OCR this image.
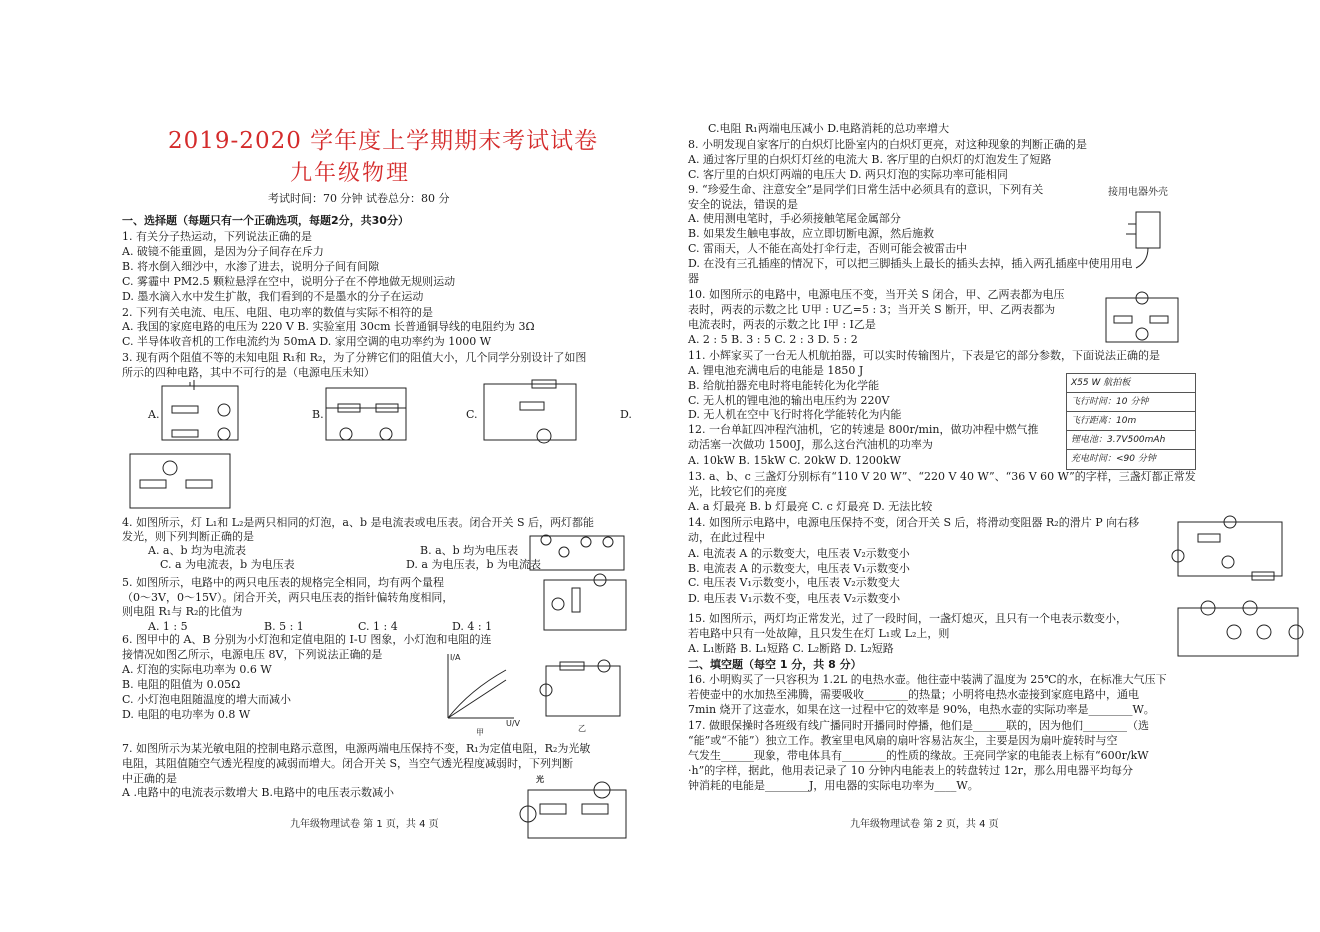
2019-2020 学年度上学期期末考试试卷
九年级物理
考试时间：70 分钟 试卷总分：80 分
一、选择题（每题只有一个正确选项，每题2分，共30分）
1. 有关分子热运动，下列说法正确的是
A. 破镜不能重圆，是因为分子间存在斥力
B. 将水倒入细沙中，水渗了进去，说明分子间有间隙
C. 雾霾中 PM2.5 颗粒悬浮在空中，说明分子在不停地做无规则运动
D. 墨水滴入水中发生扩散，我们看到的不是墨水的分子在运动
2. 下列有关电流、电压、电阻、电功率的数值与实际不相符的是
A. 我国的家庭电路的电压为 220 V B. 实验室用 30cm 长普通铜导线的电阻约为 3Ω
C. 半导体收音机的工作电流约为 50mA D. 家用空调的电功率约为 1000 W
3. 现有两个阻值不等的未知电阻 R₁和 R₂，为了分辨它们的阻值大小，几个同学分别设计了如图
所示的四种电路，其中不可行的是（电源电压未知）
4. 如图所示，灯 L₁和 L₂是两只相同的灯泡，a、b 是电流表或电压表。闭合开关 S 后，两灯都能
发光，则下列判断正确的是
5. 如图所示，电路中的两只电压表的规格完全相同，均有两个量程
（0～3V，0～15V）。闭合开关，两只电压表的指针偏转角度相同，
则电阻 R₁与 R₂的比值为
6. 图甲中的 A、B 分别为小灯泡和定值电阻的 I-U 图象，小灯泡和电阻的连
接情况如图乙所示，电源电压 8V，下列说法正确的是
A. 灯泡的实际电功率为 0.6 W
B. 电阻的阻值为 0.05Ω
C. 小灯泡电阻随温度的增大而减小
D. 电阻的电功率为 0.8 W
7. 如图所示为某光敏电阻的控制电路示意图，电源两端电压保持不变，R₁为定值电阻，R₂为光敏
电阻，其阻值随空气透光程度的减弱而增大。闭合开关 S，当空气透光程度减弱时，下列判断
中正确的是
A .电路中的电流表示数增大 B.电路中的电压表示数减小
C.电阻 R₁两端电压减小 D.电路消耗的总功率增大
8. 小明发现自家客厅的白炽灯比卧室内的白炽灯更亮，对这种现象的判断正确的是
A. 通过客厅里的白炽灯灯丝的电流大 B. 客厅里的白炽灯的灯泡发生了短路
C. 客厅里的白炽灯两端的电压大 D. 两只灯泡的实际功率可能相同
9. “珍爱生命、注意安全”是同学们日常生活中必须具有的意识，下列有关
安全的说法，错误的是
A. 使用测电笔时，手必须接触笔尾金属部分
B. 如果发生触电事故，应立即切断电源，然后施救
C. 雷雨天，人不能在高处打伞行走，否则可能会被雷击中
D. 在没有三孔插座的情况下，可以把三脚插头上最长的插头去掉，插入两孔插座中使用用电
器
10. 如图所示的电路中，电源电压不变，当开关 S 闭合，甲、乙两表都为电压
表时，两表的示数之比 U甲 : U乙=5 : 3；当开关 S 断开，甲、乙两表都为
电流表时，两表的示数之比 I甲 : I乙是
A. 2 : 5 B. 3 : 5 C. 2 : 3 D. 5 : 2
11. 小辉家买了一台无人机航拍器，可以实时传输图片，下表是它的部分参数，下面说法正确的是
A. 锂电池充满电后的电能是 1850 J
B. 给航拍器充电时将电能转化为化学能
C. 无人机的锂电池的输出电压约为 220V
D. 无人机在空中飞行时将化学能转化为内能
12. 一台单缸四冲程汽油机，它的转速是 800r/min，做功冲程中燃气推
动活塞一次做功 1500J，那么这台汽油机的功率为
A. 10kW B. 15kW C. 20kW D. 1200kW
13. a、b、c 三盏灯分别标有“110 V 20 W”、“220 V 40 W”、“36 V 60 W”的字样，三盏灯都正常发
光，比较它们的亮度
A. a 灯最亮 B. b 灯最亮 C. c 灯最亮 D. 无法比较
14. 如图所示电路中，电源电压保持不变，闭合开关 S 后，将滑动变阻器 R₂的滑片 P 向右移
动，在此过程中
A. 电流表 A 的示数变大，电压表 V₂示数变小
B. 电流表 A 的示数变大，电压表 V₁示数变小
C. 电压表 V₁示数变小，电压表 V₂示数变大
D. 电压表 V₁示数不变，电压表 V₂示数变小
15. 如图所示，两灯均正常发光，过了一段时间，一盏灯熄灭，且只有一个电表示数变小，
若电路中只有一处故障，且只发生在灯 L₁或 L₂上，则
A. L₁断路 B. L₁短路 C. L₂断路 D. L₂短路
二、填空题（每空 1 分，共 8 分）
16. 小明购买了一只容积为 1.2L 的电热水壶。他往壶中装满了温度为 25℃的水，在标准大气压下
若使壶中的水加热至沸腾，需要吸收________的热量；小明将电热水壶接到家庭电路中，通电
7min 烧开了这壶水，如果在这一过程中它的效率是 90%，电热水壶的实际功率是________W。
17. 做眼保操时各班级有线广播同时开播同时停播，他们是______联的，因为他们________（选
“能”或“不能”）独立工作。教室里电风扇的扇叶容易沾灰尘，主要是因为扇叶旋转时与空
气发生______现象，带电体具有________的性质的缘故。王亮同学家的电能表上标有“600r/kW
·h”的字样，据此，他用表记录了 10 分钟内电能表上的转盘转过 12r，那么用电器平均每分
钟消耗的电能是________J，用电器的实际电功率为____W。
A.	B.	C.	D.
A. a、b 均为电流表	B. a、b 均为电压表
C. a 为电流表，b 为电压表	D. a 为电压表，b 为电流表
A. 1 : 5	B. 5 : 1	C. 1 : 4	D. 4 : 1
X55 W 航拍板
飞行时间：10 分钟
飞行距离：10m
锂电池：3.7V500mAh
充电时间：<90 分钟
I/A
U/V
甲	乙
光
接用电器外壳
九年级物理试卷 第 1 页，共 4 页	九年级物理试卷 第 2 页，共 4 页
